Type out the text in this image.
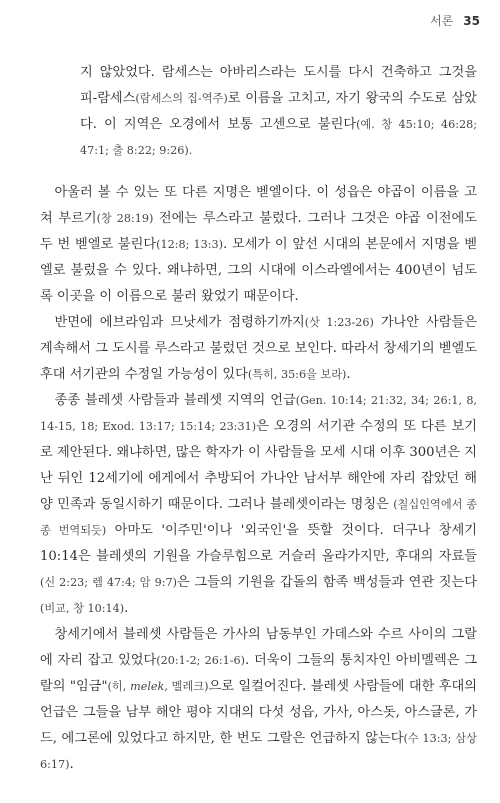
서론 35

지 않았었다. 람세스는 아바리스라는 도시를 다시 건축하고 그것을 피-람세스(람세스의 집-역주)로 이름을 고치고, 자기 왕국의 수도로 삼았다. 이 지역은 오경에서 보통 고센으로 불린다(예. 창 45:10; 46:28; 47:1; 출 8:22; 9:26).

아울러 볼 수 있는 또 다른 지명은 벧엘이다. 이 성읍은 야곱이 이름을 고쳐 부르기(창 28:19) 전에는 루스라고 불렀다. 그러나 그것은 야곱 이전에도 두 번 벧엘로 불린다(12:8; 13:3). 모세가 이 앞선 시대의 본문에서 지명을 벧엘로 불렀을 수 있다. 왜냐하면, 그의 시대에 이스라엘에서는 400년이 넘도록 이곳을 이 이름으로 불러 왔었기 때문이다.

반면에 에브라임과 므낫세가 점령하기까지(삿 1:23-26) 가나안 사람들은 계속해서 그 도시를 루스라고 불렀던 것으로 보인다. 따라서 창세기의 벧엘도 후대 서기관의 수정일 가능성이 있다(특히, 35:6을 보라).

종종 블레셋 사람들과 블레셋 지역의 언급(Gen. 10:14; 21:32, 34; 26:1, 8, 14-15, 18; Exod. 13:17; 15:14; 23:31)은 오경의 서기관 수정의 또 다른 보기로 제안된다. 왜냐하면, 많은 학자가 이 사람들을 모세 시대 이후 300년은 지난 뒤인 12세기에 에게에서 추방되어 가나안 남서부 해안에 자리 잡았던 해양 민족과 동일시하기 때문이다. 그러나 블레셋이라는 명칭은 (칠십인역에서 종종 번역되듯) 아마도 '이주민'이나 '외국인'을 뜻할 것이다. 더구나 창세기 10:14은 블레셋의 기원을 가슬루힘으로 거슬러 올라가지만, 후대의 자료들(신 2:23; 렘 47:4; 암 9:7)은 그들의 기원을 갑돌의 함족 백성들과 연관 짓는다(비교, 창 10:14).

창세기에서 블레셋 사람들은 가사의 남동부인 가데스와 수르 사이의 그랄에 자리 잡고 있었다(20:1-2; 26:1-6). 더욱이 그들의 통치자인 아비멜렉은 그랄의 "임금"(히, melek, 멜레크)으로 일컬어진다. 블레셋 사람들에 대한 후대의 언급은 그들을 남부 해안 평야 지대의 다섯 성읍, 가사, 아스돗, 아스글론, 가드, 에그론에 있었다고 하지만, 한 번도 그랄은 언급하지 않는다(수 13:3; 삼상 6:17).
